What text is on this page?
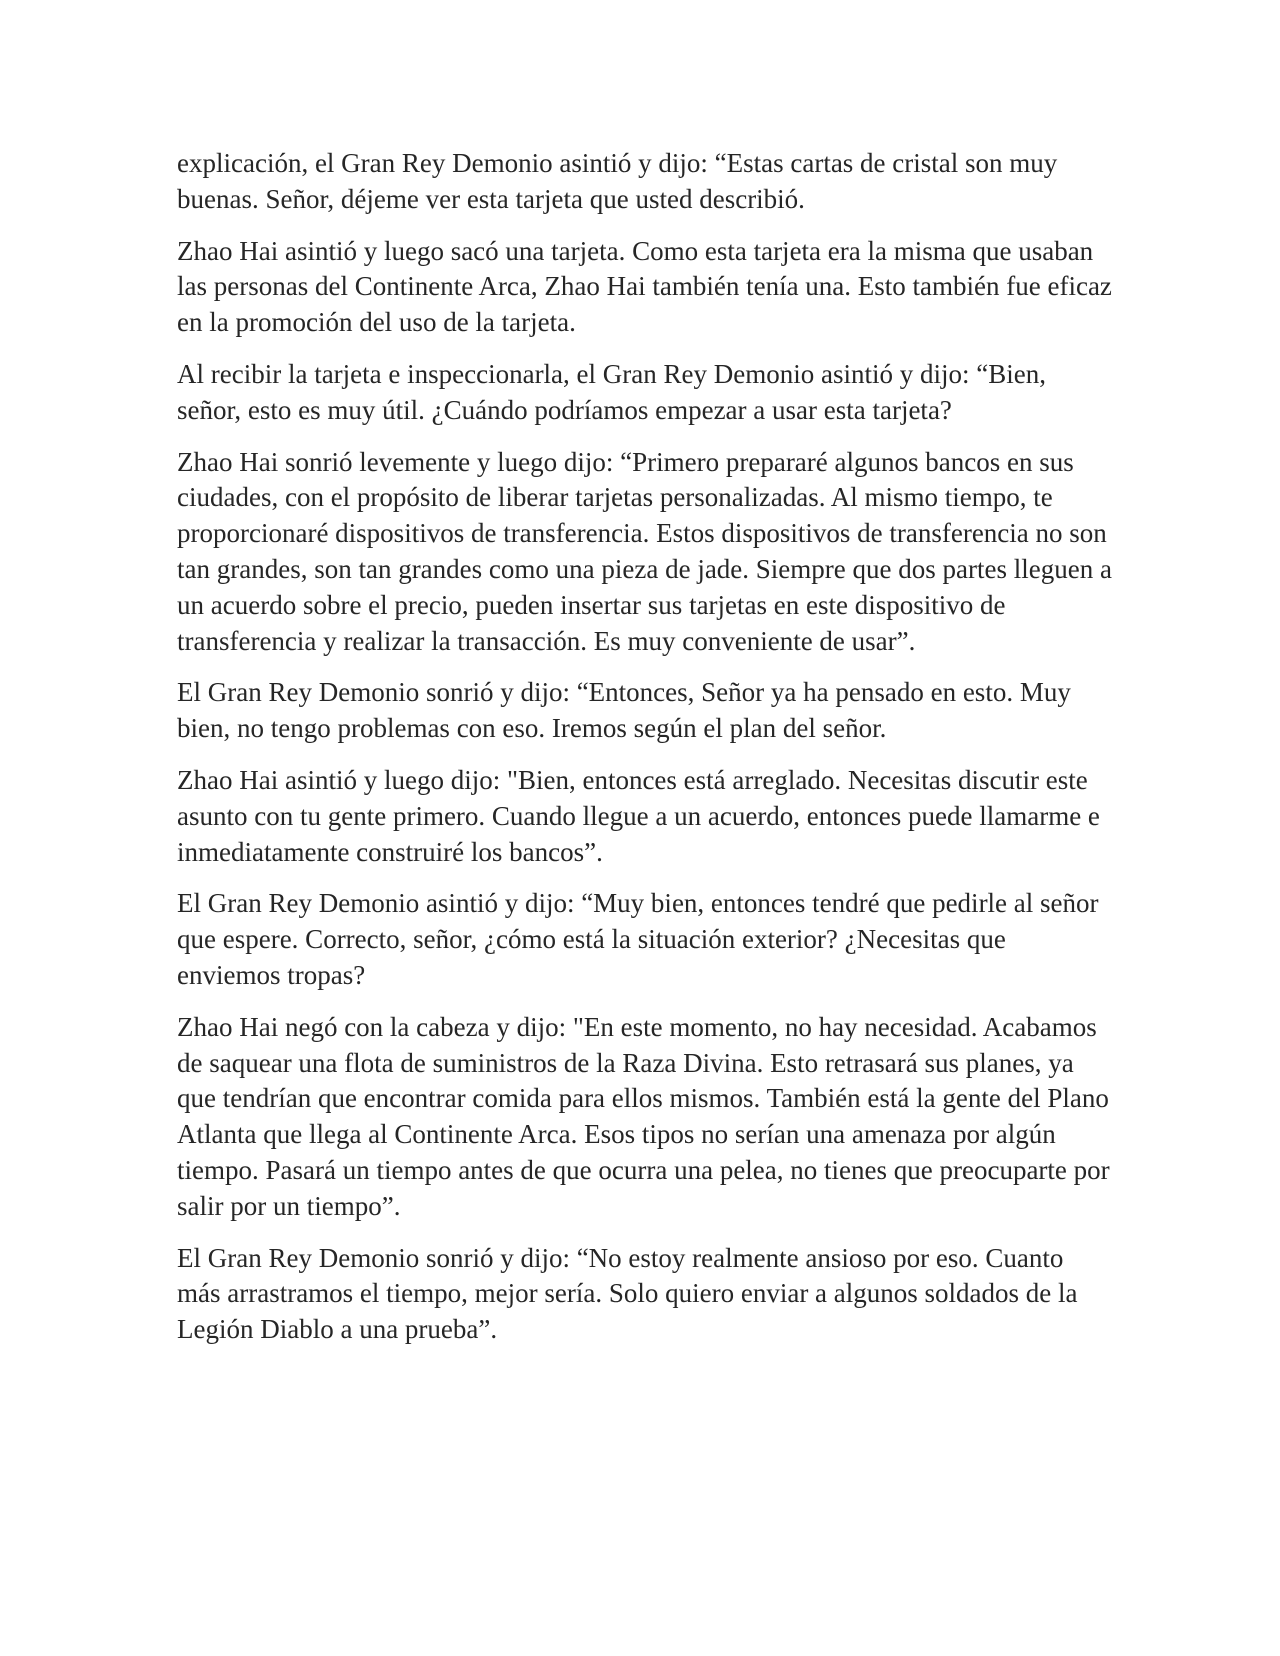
explicación, el Gran Rey Demonio asintió y dijo: “Estas cartas de cristal son muy buenas. Señor, déjeme ver esta tarjeta que usted describió.

Zhao Hai asintió y luego sacó una tarjeta. Como esta tarjeta era la misma que usaban las personas del Continente Arca, Zhao Hai también tenía una. Esto también fue eficaz en la promoción del uso de la tarjeta.

Al recibir la tarjeta e inspeccionarla, el Gran Rey Demonio asintió y dijo: “Bien, señor, esto es muy útil. ¿Cuándo podríamos empezar a usar esta tarjeta?

Zhao Hai sonrió levemente y luego dijo: “Primero prepararé algunos bancos en sus ciudades, con el propósito de liberar tarjetas personalizadas. Al mismo tiempo, te proporcionaré dispositivos de transferencia. Estos dispositivos de transferencia no son tan grandes, son tan grandes como una pieza de jade. Siempre que dos partes lleguen a un acuerdo sobre el precio, pueden insertar sus tarjetas en este dispositivo de transferencia y realizar la transacción. Es muy conveniente de usar”.

El Gran Rey Demonio sonrió y dijo: “Entonces, Señor ya ha pensado en esto. Muy bien, no tengo problemas con eso. Iremos según el plan del señor.

Zhao Hai asintió y luego dijo: "Bien, entonces está arreglado. Necesitas discutir este asunto con tu gente primero. Cuando llegue a un acuerdo, entonces puede llamarme e inmediatamente construiré los bancos”.

El Gran Rey Demonio asintió y dijo: “Muy bien, entonces tendré que pedirle al señor que espere. Correcto, señor, ¿cómo está la situación exterior? ¿Necesitas que enviemos tropas?

Zhao Hai negó con la cabeza y dijo: "En este momento, no hay necesidad. Acabamos de saquear una flota de suministros de la Raza Divina. Esto retrasará sus planes, ya que tendrían que encontrar comida para ellos mismos. También está la gente del Plano Atlanta que llega al Continente Arca. Esos tipos no serían una amenaza por algún tiempo. Pasará un tiempo antes de que ocurra una pelea, no tienes que preocuparte por salir por un tiempo”.

El Gran Rey Demonio sonrió y dijo: “No estoy realmente ansioso por eso. Cuanto más arrastramos el tiempo, mejor sería. Solo quiero enviar a algunos soldados de la Legión Diablo a una prueba”.
